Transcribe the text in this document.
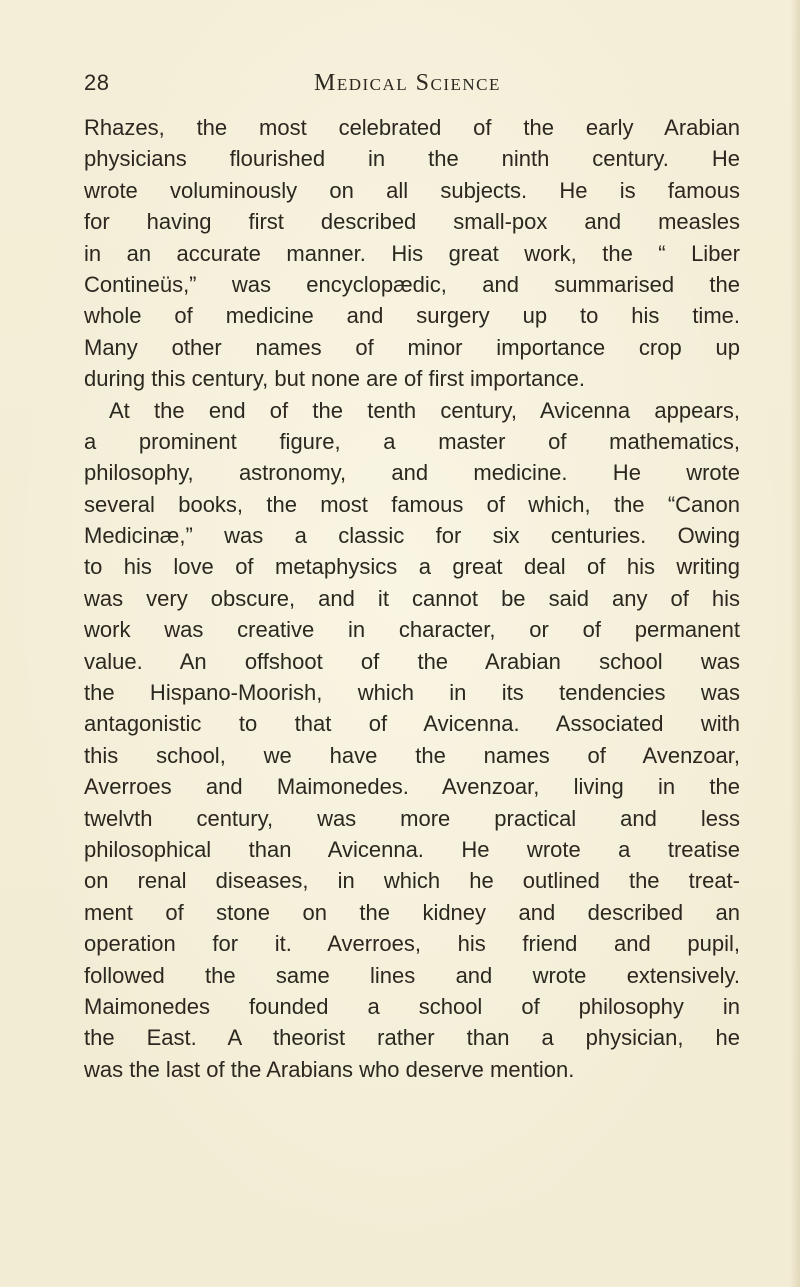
28	Medical Science
Rhazes, the most celebrated of the early Arabian
physicians flourished in the ninth century. He
wrote voluminously on all subjects. He is famous
for having first described small-pox and measles
in an accurate manner. His great work, the “ Liber
Contineüs,” was encyclopædic, and summarised the
whole of medicine and surgery up to his time.
Many other names of minor importance crop up
during this century, but none are of first importance.
At the end of the tenth century, Avicenna appears,
a prominent figure, a master of mathematics,
philosophy, astronomy, and medicine. He wrote
several books, the most famous of which, the “Canon
Medicinæ,” was a classic for six centuries. Owing
to his love of metaphysics a great deal of his writing
was very obscure, and it cannot be said any of his
work was creative in character, or of permanent
value. An offshoot of the Arabian school was
the Hispano-Moorish, which in its tendencies was
antagonistic to that of Avicenna. Associated with
this school, we have the names of Avenzoar,
Averroes and Maimonedes. Avenzoar, living in the
twelvth century, was more practical and less
philosophical than Avicenna. He wrote a treatise
on renal diseases, in which he outlined the treat-
ment of stone on the kidney and described an
operation for it. Averroes, his friend and pupil,
followed the same lines and wrote extensively.
Maimonedes founded a school of philosophy in
the East. A theorist rather than a physician, he
was the last of the Arabians who deserve mention.
